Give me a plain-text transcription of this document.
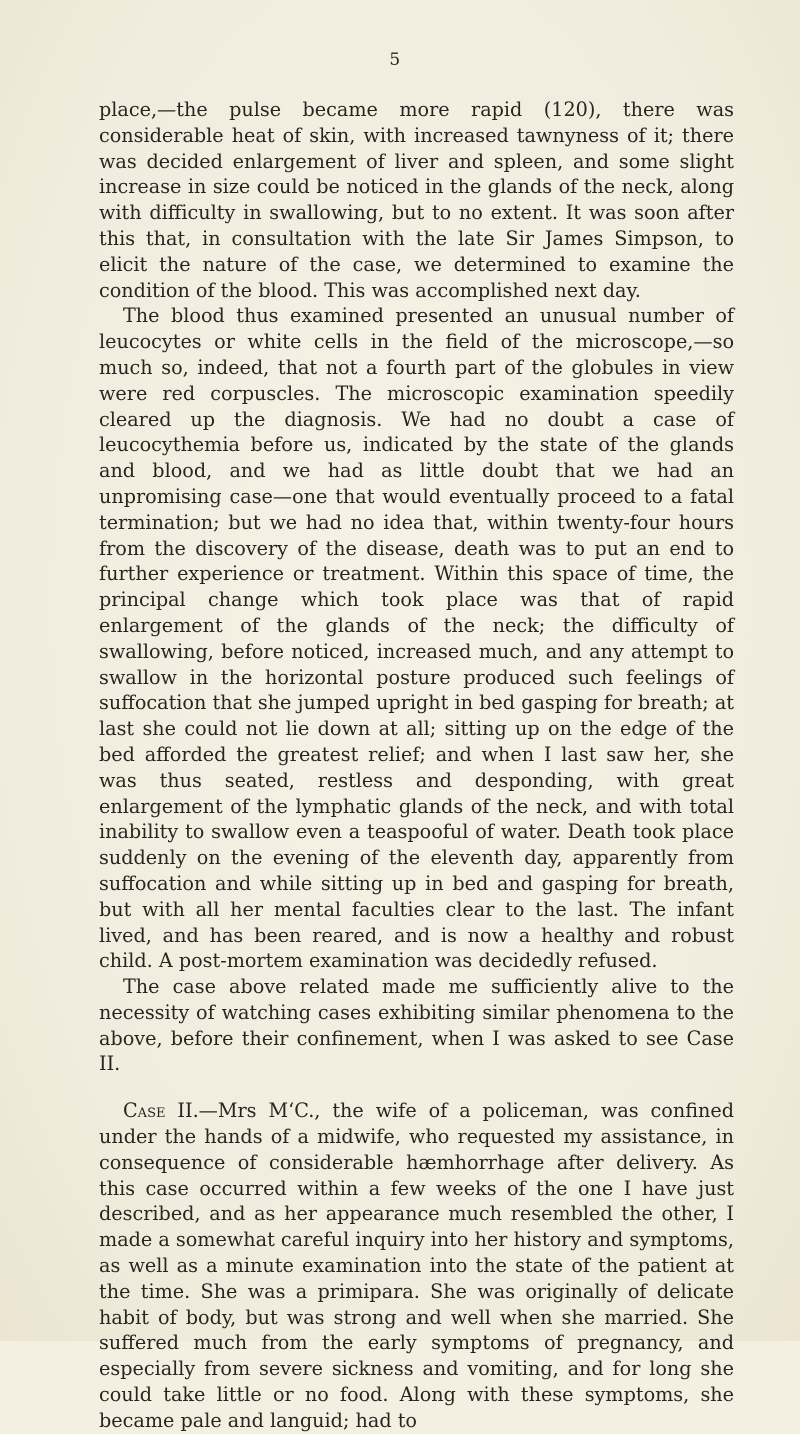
5

place,—the pulse became more rapid (120), there was considerable heat of skin, with increased tawnyness of it; there was decided enlargement of liver and spleen, and some slight increase in size could be noticed in the glands of the neck, along with difficulty in swallowing, but to no extent. It was soon after this that, in consultation with the late Sir James Simpson, to elicit the nature of the case, we determined to examine the condition of the blood. This was accomplished next day.

The blood thus examined presented an unusual number of leucocytes or white cells in the field of the microscope,—so much so, indeed, that not a fourth part of the globules in view were red corpuscles. The microscopic examination speedily cleared up the diagnosis. We had no doubt a case of leucocythemia before us, indicated by the state of the glands and blood, and we had as little doubt that we had an unpromising case—one that would eventually proceed to a fatal termination; but we had no idea that, within twenty-four hours from the discovery of the disease, death was to put an end to further experience or treatment. Within this space of time, the principal change which took place was that of rapid enlargement of the glands of the neck; the difficulty of swallowing, before noticed, increased much, and any attempt to swallow in the horizontal posture produced such feelings of suffocation that she jumped upright in bed gasping for breath; at last she could not lie down at all; sitting up on the edge of the bed afforded the greatest relief; and when I last saw her, she was thus seated, restless and desponding, with great enlargement of the lymphatic glands of the neck, and with total inability to swallow even a teaspooful of water. Death took place suddenly on the evening of the eleventh day, apparently from suffocation and while sitting up in bed and gasping for breath, but with all her mental faculties clear to the last. The infant lived, and has been reared, and is now a healthy and robust child. A post-mortem examination was decidedly refused.

The case above related made me sufficiently alive to the necessity of watching cases exhibiting similar phenomena to the above, before their confinement, when I was asked to see Case II.

Case II.—Mrs M‘C., the wife of a policeman, was confined under the hands of a midwife, who requested my assistance, in consequence of considerable hæmhorrhage after delivery. As this case occurred within a few weeks of the one I have just described, and as her appearance much resembled the other, I made a somewhat careful inquiry into her history and symptoms, as well as a minute examination into the state of the patient at the time. She was a primipara. She was originally of delicate habit of body, but was strong and well when she married. She suffered much from the early symptoms of pregnancy, and especially from severe sickness and vomiting, and for long she could take little or no food. Along with these symptoms, she became pale and languid; had to
